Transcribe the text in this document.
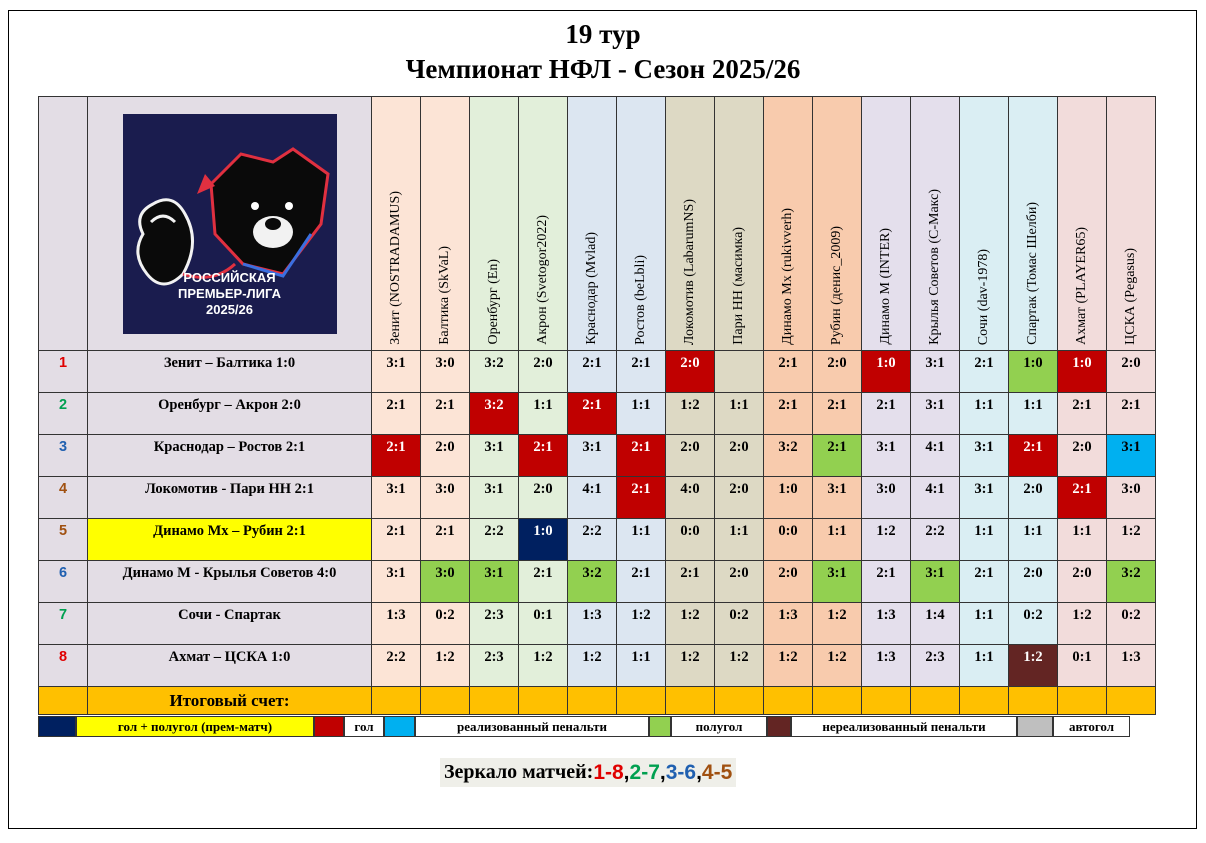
19 тур
Чемпионат НФЛ - Сезон 2025/26

	РОССИЙСКАЯ
ПРЕМЬЕР-ЛИГА
2025/26	Зенит (NOSTRADAMUS)	Балтика (SkVaL)	Оренбург (En)	Акрон (Svetogor2022)	Краснодар (Mvlad)	Ростов (beLbli)	Локомотив (LabarumNS)	Пари НН (масимка)	Динамо Мх (rukivverh)	Рубин (денис_2009)	Динамо М (INTER)	Крылья Советов (С-Макс)	Сочи (dav-1978)	Спартак (Томас Шелби)	Ахмат (PLAYER65)	ЦСКА (Pegasus)
1	Зенит – Балтика 1:0	3:1	3:0	3:2	2:0	2:1	2:1	2:0		2:1	2:0	1:0	3:1	2:1	1:0	1:0	2:0

2	Оренбург – Акрон 2:0	2:1	2:1	3:2	1:1	2:1	1:1	1:2	1:1	2:1	2:1	2:1	3:1	1:1	1:1	2:1	2:1

3	Краснодар – Ростов 2:1	2:1	2:0	3:1	2:1	3:1	2:1	2:0	2:0	3:2	2:1	3:1	4:1	3:1	2:1	2:0	3:1

4	Локомотив - Пари НН 2:1	3:1	3:0	3:1	2:0	4:1	2:1	4:0	2:0	1:0	3:1	3:0	4:1	3:1	2:0	2:1	3:0

5	Динамо Мх – Рубин 2:1	2:1	2:1	2:2	1:0	2:2	1:1	0:0	1:1	0:0	1:1	1:2	2:2	1:1	1:1	1:1	1:2

6	Динамо М - Крылья Советов 4:0	3:1	3:0	3:1	2:1	3:2	2:1	2:1	2:0	2:0	3:1	2:1	3:1	2:1	2:0	2:0	3:2

7	Сочи - Спартак	1:3	0:2	2:3	0:1	1:3	1:2	1:2	0:2	1:3	1:2	1:3	1:4	1:1	0:2	1:2	0:2

8	Ахмат – ЦСКА 1:0	2:2	1:2	2:3	1:2	1:2	1:1	1:2	1:2	1:2	1:2	1:3	2:3	1:1	1:2	0:1	1:3

	Итоговый счет:																
гол + полугол (прем-матч)	гол	реализованный пенальти	полугол	нереализованный пенальти	автогол
Зеркало матчей: 1-8 , 2-7 , 3-6 , 4-5
